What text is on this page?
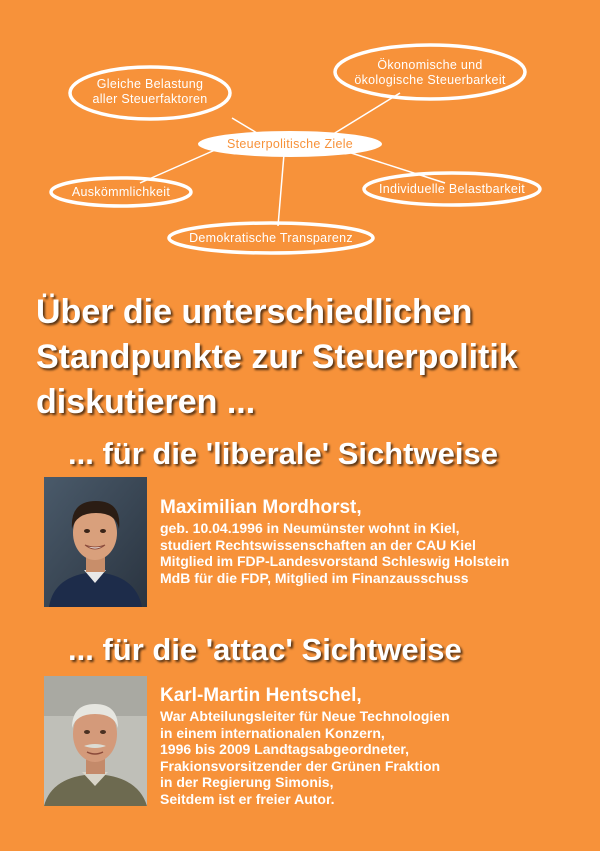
Gleiche Belastung
aller Steuerfaktoren
Ökonomische und
ökologische Steuerbarkeit
Steuerpolitische Ziele
Auskömmlichkeit	Individuelle Belastbarkeit
Demokratische Transparenz
Über die unterschiedlichen
Standpunkte zur Steuerpolitik
diskutieren ...
... für die 'liberale' Sichtweise
Maximilian Mordhorst,
geb. 10.04.1996 in Neumünster wohnt in Kiel,
studiert Rechtswissenschaften an der CAU Kiel
Mitglied im FDP-Landesvorstand Schleswig Holstein
MdB für die FDP, Mitglied im Finanzausschuss
... für die 'attac' Sichtweise
Karl-Martin Hentschel,
War Abteilungsleiter für Neue Technologien
in einem internationalen Konzern,
1996 bis 2009 Landtagsabgeordneter,
Frakionsvorsitzender der Grünen Fraktion
in der Regierung Simonis,
Seitdem ist er freier Autor.
